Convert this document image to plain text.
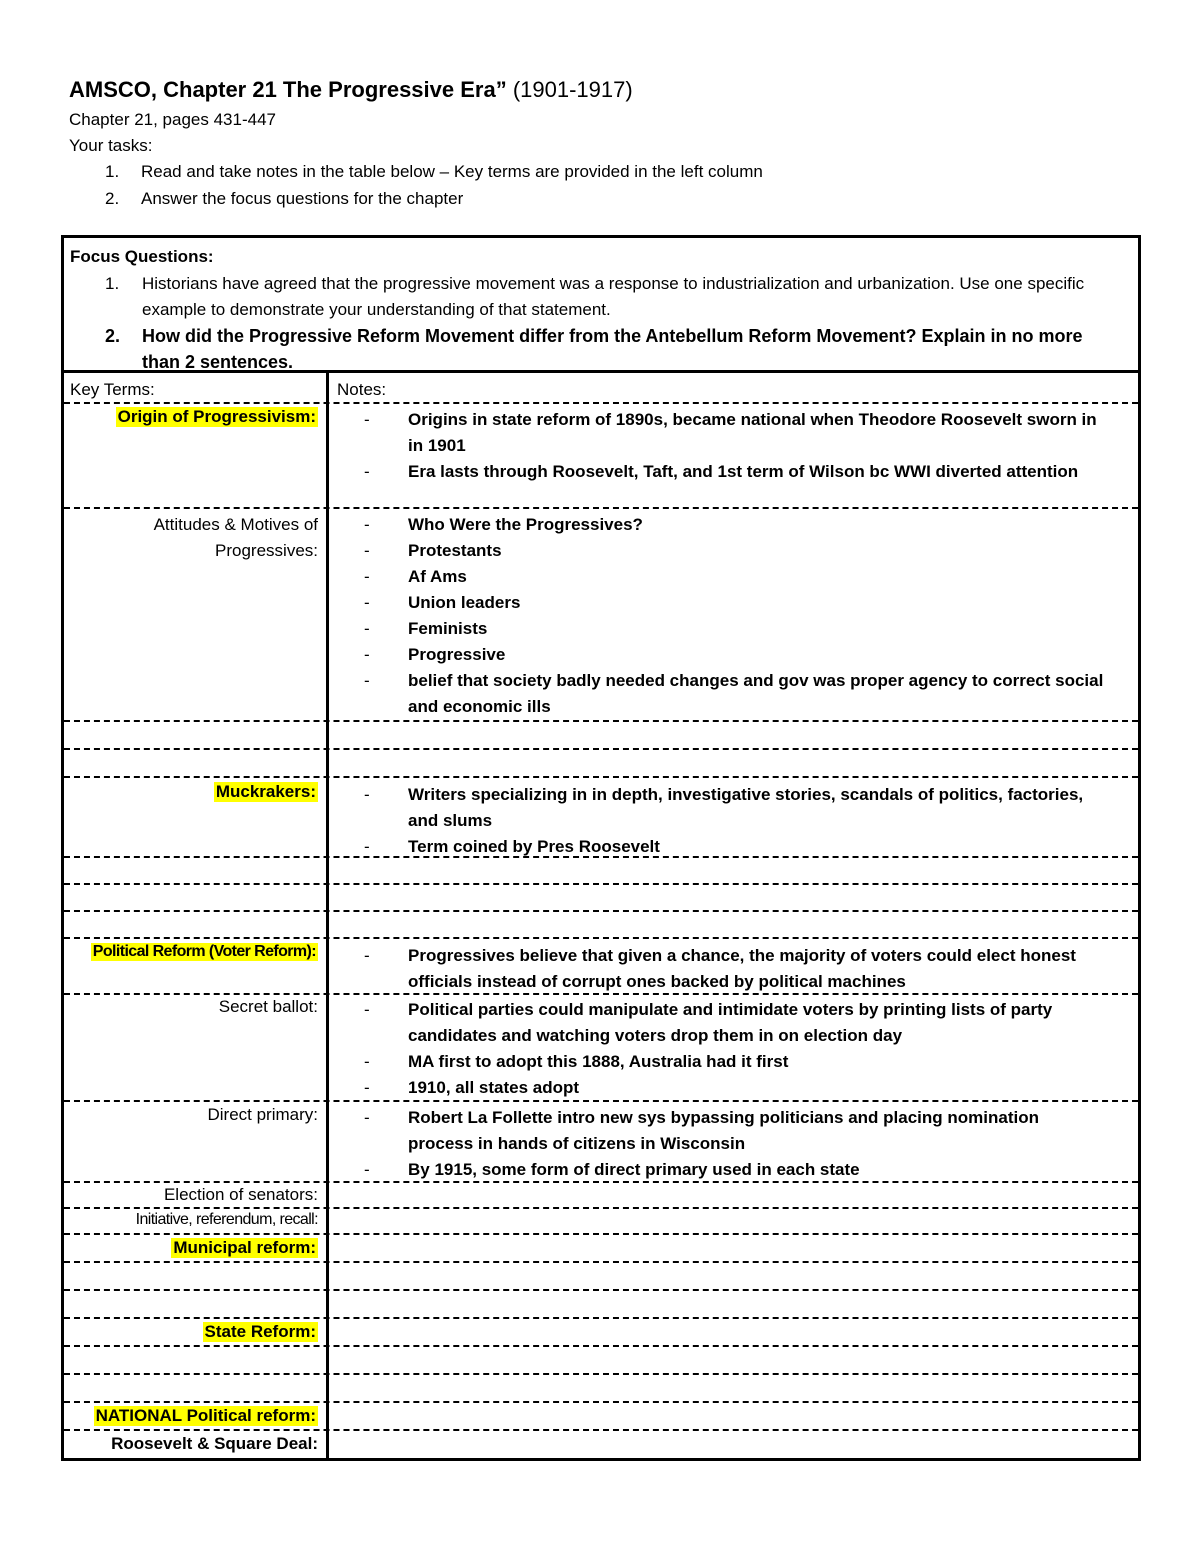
AMSCO, Chapter 21 The Progressive Era” (1901-1917)
Chapter 21, pages 431-447
Your tasks:
1. Read and take notes in the table below – Key terms are provided in the left column
2. Answer the focus questions for the chapter
Focus Questions:
1.	Historians have agreed that the progressive movement was a response to industrialization and urbanization. Use one specific example to demonstrate your understanding of that statement.
2.	How did the Progressive Reform Movement differ from the Antebellum Reform Movement? Explain in no more than 2 sentences.
Key Terms:	Notes:
Origin of Progressivism:	-	Origins in state reform of 1890s, became national when Theodore Roosevelt sworn in in 1901
-	Era lasts through Roosevelt, Taft, and 1st term of Wilson bc WWI diverted attention
Attitudes & Motives of
Progressives:
-	Who Were the Progressives?
-	Protestants
-	Af Ams
-	Union leaders
-	Feminists
-	Progressive
-	belief that society badly needed changes and gov was proper agency to correct social and economic ills
Muckrakers:	-	Writers specializing in in depth, investigative stories, scandals of politics, factories, and slums
-	Term coined by Pres Roosevelt
Political Reform (Voter Reform):	-	Progressives believe that given a chance, the majority of voters could elect honest officials instead of corrupt ones backed by political machines
Secret ballot:	-	Political parties could manipulate and intimidate voters by printing lists of party candidates and watching voters drop them in on election day
-	MA first to adopt this 1888, Australia had it first
-	1910, all states adopt
Direct primary:	-	Robert La Follette intro new sys bypassing politicians and placing nomination process in hands of citizens in Wisconsin
-	By 1915, some form of direct primary used in each state
Election of senators:
Initiative, referendum, recall:
Municipal reform:
State Reform:
NATIONAL Political reform:
Roosevelt & Square Deal:
